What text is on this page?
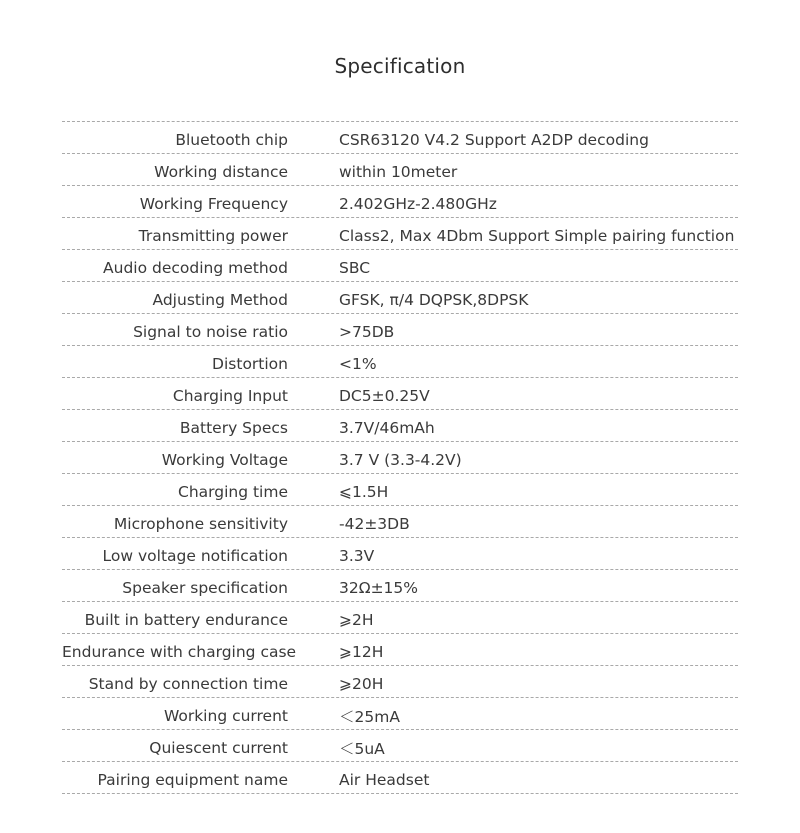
Specification
Bluetooth chip	CSR63120 V4.2 Support A2DP decoding
Working distance	within 10meter
Working Frequency	2.402GHz-2.480GHz
Transmitting power	Class2, Max 4Dbm Support Simple pairing function
Audio decoding method	SBC
Adjusting Method	GFSK, π/4 DQPSK,8DPSK
Signal to noise ratio	>75DB
Distortion	<1%
Charging Input	DC5±0.25V
Battery Specs	3.7V/46mAh
Working Voltage	3.7 V (3.3-4.2V)
Charging time	⩽1.5H
Microphone sensitivity	-42±3DB
Low voltage notification	3.3V
Speaker specification	32Ω±15%
Built in battery endurance	⩾2H
Endurance with charging case	⩾12H
Stand by connection time	⩾20H
Working current	＜25mA
Quiescent current	＜5uA
Pairing equipment name	Air Headset
